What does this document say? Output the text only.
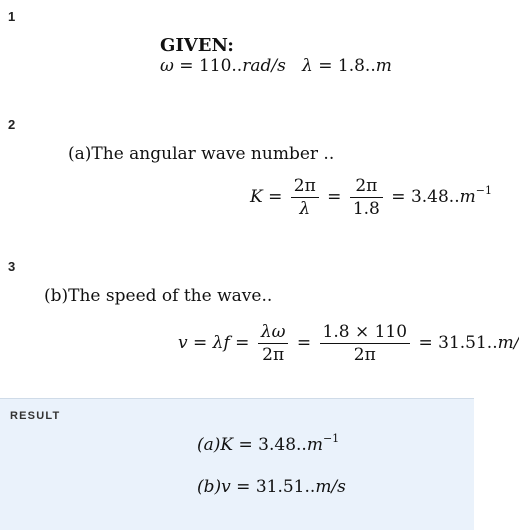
1
GIVEN:
ω = 110..rad/s λ = 1.8..m
2
(a)The angular wave number ..
$K = \frac{2\pi}{\lambda} = \frac{2\pi}{1.8} = 3.48..m^{-1}$
3
(b)The speed of the wave..
$v = \lambda f = \frac{\lambda\omega}{2\pi} = \frac{1.8 \times 110}{2\pi} = 31.51..m/$
RESULT
$(a)K = 3.48..m^{-1}$
(b)v = 31.51..m/s
